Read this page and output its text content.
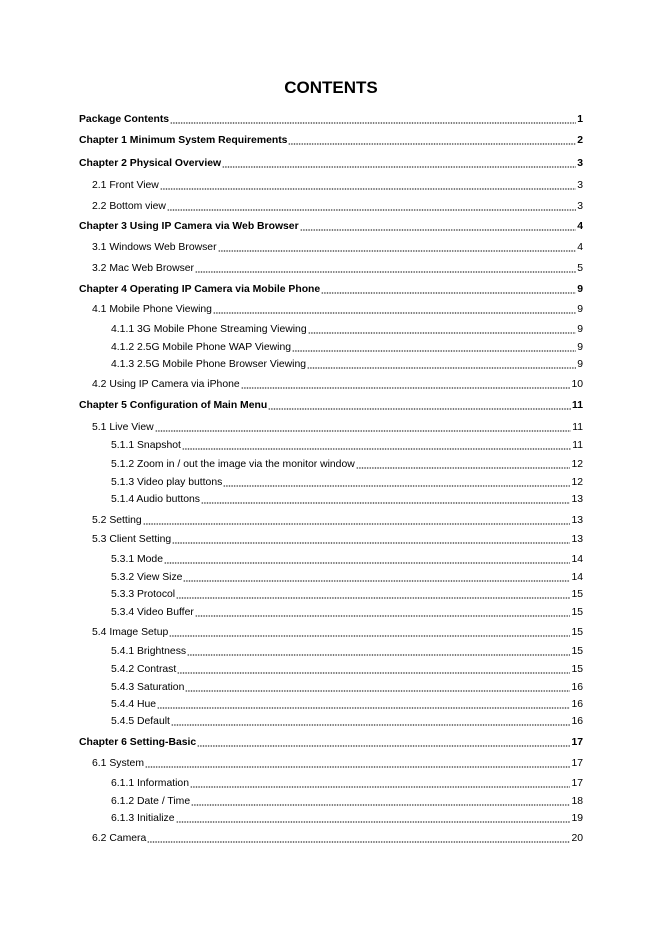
CONTENTS
Package Contents	1
Chapter 1 Minimum System Requirements	2
Chapter 2 Physical Overview	3
2.1 Front View	3
2.2 Bottom view	3
Chapter 3 Using IP Camera via Web Browser	4
3.1 Windows Web Browser	4
3.2 Mac Web Browser	5
Chapter 4 Operating IP Camera via Mobile Phone	9
4.1 Mobile Phone Viewing	9
4.1.1 3G Mobile Phone Streaming Viewing	9
4.1.2 2.5G Mobile Phone WAP Viewing	9
4.1.3 2.5G Mobile Phone Browser Viewing	9
4.2 Using IP Camera via iPhone	10
Chapter 5 Configuration of Main Menu	11
5.1 Live View	11
5.1.1 Snapshot	11
5.1.2 Zoom in / out the image via the monitor window	12
5.1.3 Video play buttons	12
5.1.4 Audio buttons	13
5.2 Setting	13
5.3 Client Setting	13
5.3.1 Mode	14
5.3.2 View Size	14
5.3.3 Protocol	15
5.3.4 Video Buffer	15
5.4 Image Setup	15
5.4.1 Brightness	15
5.4.2 Contrast	15
5.4.3 Saturation	16
5.4.4 Hue	16
5.4.5 Default	16
Chapter 6 Setting-Basic	17
6.1 System	17
6.1.1 Information	17
6.1.2 Date / Time	18
6.1.3 Initialize	19
6.2 Camera	20
